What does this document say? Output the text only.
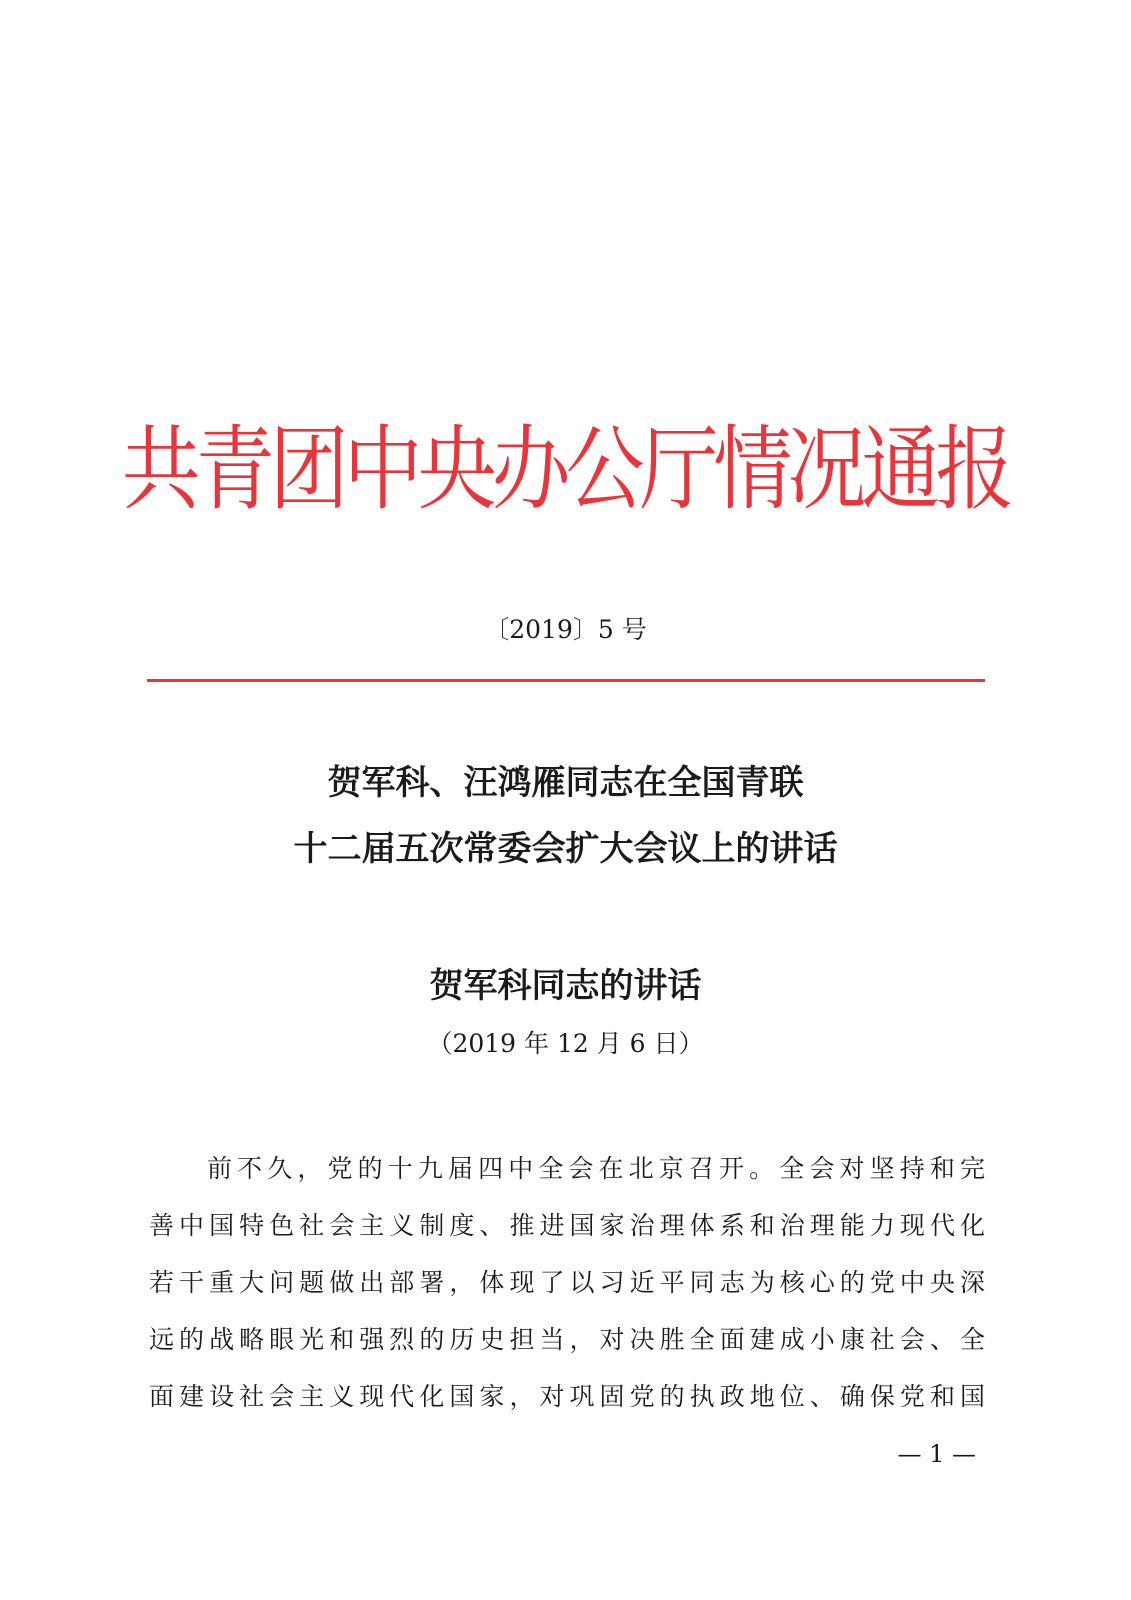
共青团中央办公厅情况通报
〔2019〕5 号
贺军科、汪鸿雁同志在全国青联
十二届五次常委会扩大会议上的讲话
贺军科同志的讲话
（2019 年 12 月 6 日）
前不久，党的十九届四中全会在北京召开。全会对坚持和完
善中国特色社会主义制度、推进国家治理体系和治理能力现代化
若干重大问题做出部署，体现了以习近平同志为核心的党中央深
远的战略眼光和强烈的历史担当，对决胜全面建成小康社会、全
面建设社会主义现代化国家，对巩固党的执政地位、确保党和国
— 1 —
